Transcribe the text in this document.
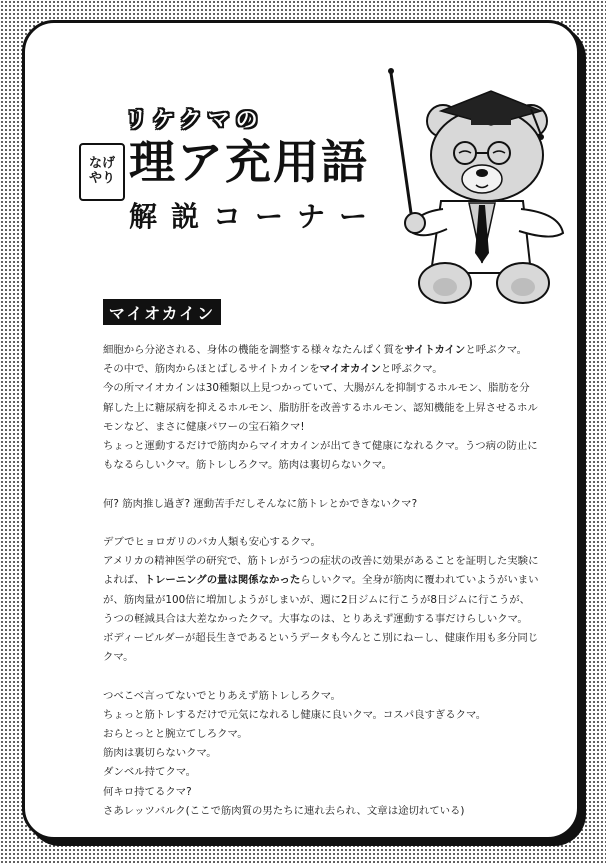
リケクマの
なげ
やり 理ア充用語
解説コーナー
マイオカイン

細胞から分泌される、身体の機能を調整する様々なたんぱく質をサイトカインと呼ぶクマ。

その中で、筋肉からほとばしるサイトカインをマイオカインと呼ぶクマ。

今の所マイオカインは30種類以上見つかっていて、大腸がんを抑制するホルモン、脂肪を分

解した上に糖尿病を抑えるホルモン、脂肪肝を改善するホルモン、認知機能を上昇させるホル

モンなど、まさに健康パワーの宝石箱クマ!

ちょっと運動するだけで筋肉からマイオカインが出てきて健康になれるクマ。うつ病の防止に

もなるらしいクマ。筋トレしろクマ。筋肉は裏切らないクマ。

何? 筋肉推し過ぎ? 運動苦手だしそんなに筋トレとかできないクマ?

デブでヒョロガリのバカ人類も安心するクマ。

アメリカの精神医学の研究で、筋トレがうつの症状の改善に効果があることを証明した実験に

よれば、トレーニングの量は関係なかったらしいクマ。全身が筋肉に覆われていようがいまい

が、筋肉量が100倍に増加しようがしまいが、週に2日ジムに行こうが8日ジムに行こうが、

うつの軽減具合は大差なかったクマ。大事なのは、とりあえず運動する事だけらしいクマ。

ボディービルダーが超長生きであるというデータも今んとこ別にねーし、健康作用も多分同じ

クマ。

つべこべ言ってないでとりあえず筋トレしろクマ。

ちょっと筋トレするだけで元気になれるし健康に良いクマ。コスパ良すぎるクマ。

おらとっとと腕立てしろクマ。

筋肉は裏切らないクマ。

ダンベル持てクマ。

何キロ持てるクマ?

さあレッツバルク(ここで筋肉質の男たちに連れ去られ、文章は途切れている)
